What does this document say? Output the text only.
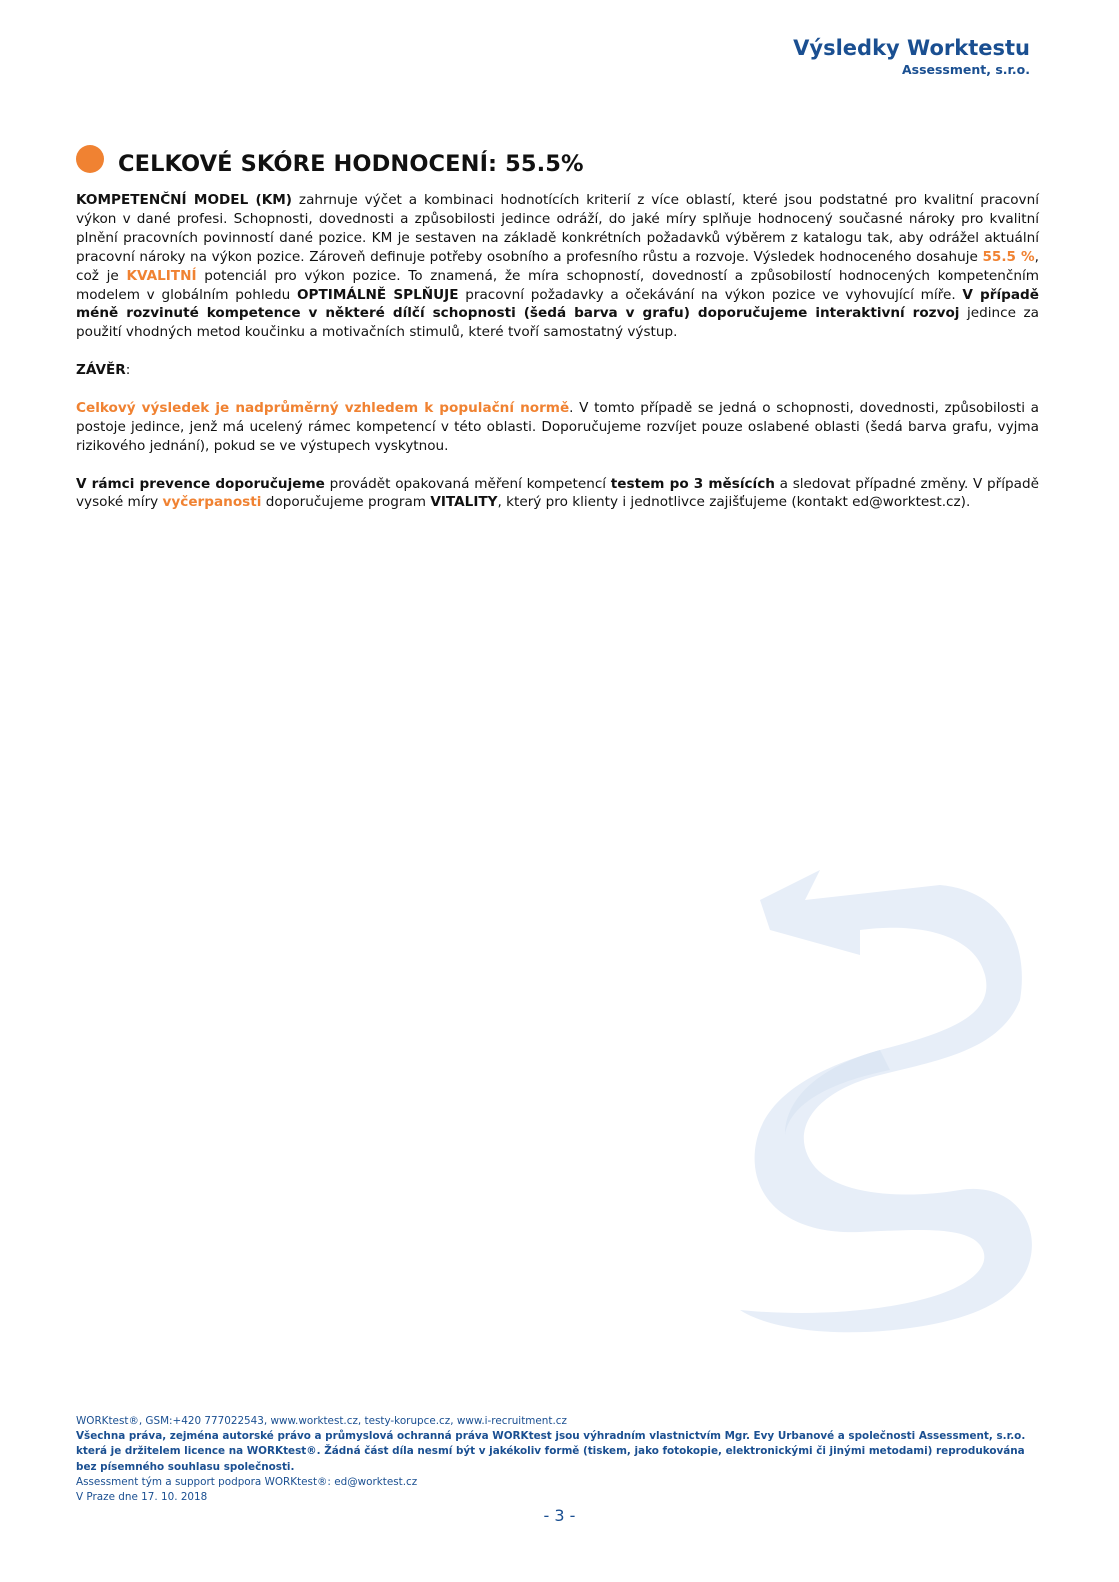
Výsledky Worktestu
Assessment, s.r.o.
CELKOVÉ SKÓRE HODNOCENÍ: 55.5%

KOMPETENČNÍ MODEL (KM) zahrnuje výčet a kombinaci hodnotících kriterií z více oblastí, které jsou podstatné pro kvalitní pracovní výkon v dané profesi. Schopnosti, dovednosti a způsobilosti jedince odráží, do jaké míry splňuje hodnocený současné nároky pro kvalitní plnění pracovních povinností dané pozice. KM je sestaven na základě konkrétních požadavků výběrem z katalogu tak, aby odrážel aktuální pracovní nároky na výkon pozice. Zároveň definuje potřeby osobního a profesního růstu a rozvoje. Výsledek hodnoceného dosahuje 55.5 %, což je KVALITNÍ potenciál pro výkon pozice. To znamená, že míra schopností, dovedností a způsobilostí hodnocených kompetenčním modelem v globálním pohledu OPTIMÁLNĚ SPLŇUJE pracovní požadavky a očekávání na výkon pozice ve vyhovující míře. V případě méně rozvinuté kompetence v některé dílčí schopnosti (šedá barva v grafu) doporučujeme interaktivní rozvoj jedince za použití vhodných metod koučinku a motivačních stimulů, které tvoří samostatný výstup.

ZÁVĚR:

Celkový výsledek je nadprůměrný vzhledem k populační normě. V tomto případě se jedná o schopnosti, dovednosti, způsobilosti a postoje jedince, jenž má ucelený rámec kompetencí v této oblasti. Doporučujeme rozvíjet pouze oslabené oblasti (šedá barva grafu, vyjma rizikového jednání), pokud se ve výstupech vyskytnou.

V rámci prevence doporučujeme provádět opakovaná měření kompetencí testem po 3 měsících a sledovat případné změny. V případě vysoké míry vyčerpanosti doporučujeme program VITALITY, který pro klienty i jednotlivce zajišťujeme (kontakt ed@worktest.cz).

WORKtest®, GSM:+420 777022543, www.worktest.cz, testy-korupce.cz, www.i-recruitment.cz
Všechna práva, zejména autorské právo a průmyslová ochranná práva WORKtest jsou výhradním vlastnictvím Mgr. Evy Urbanové a společnosti Assessment, s.r.o. která je držitelem licence na WORKtest®. Žádná část díla nesmí být v jakékoliv formě (tiskem, jako fotokopie, elektronickými či jinými metodami) reprodukována bez písemného souhlasu společnosti.
Assessment tým a support podpora WORKtest®: ed@worktest.cz
V Praze dne 17. 10. 2018
- 3 -
